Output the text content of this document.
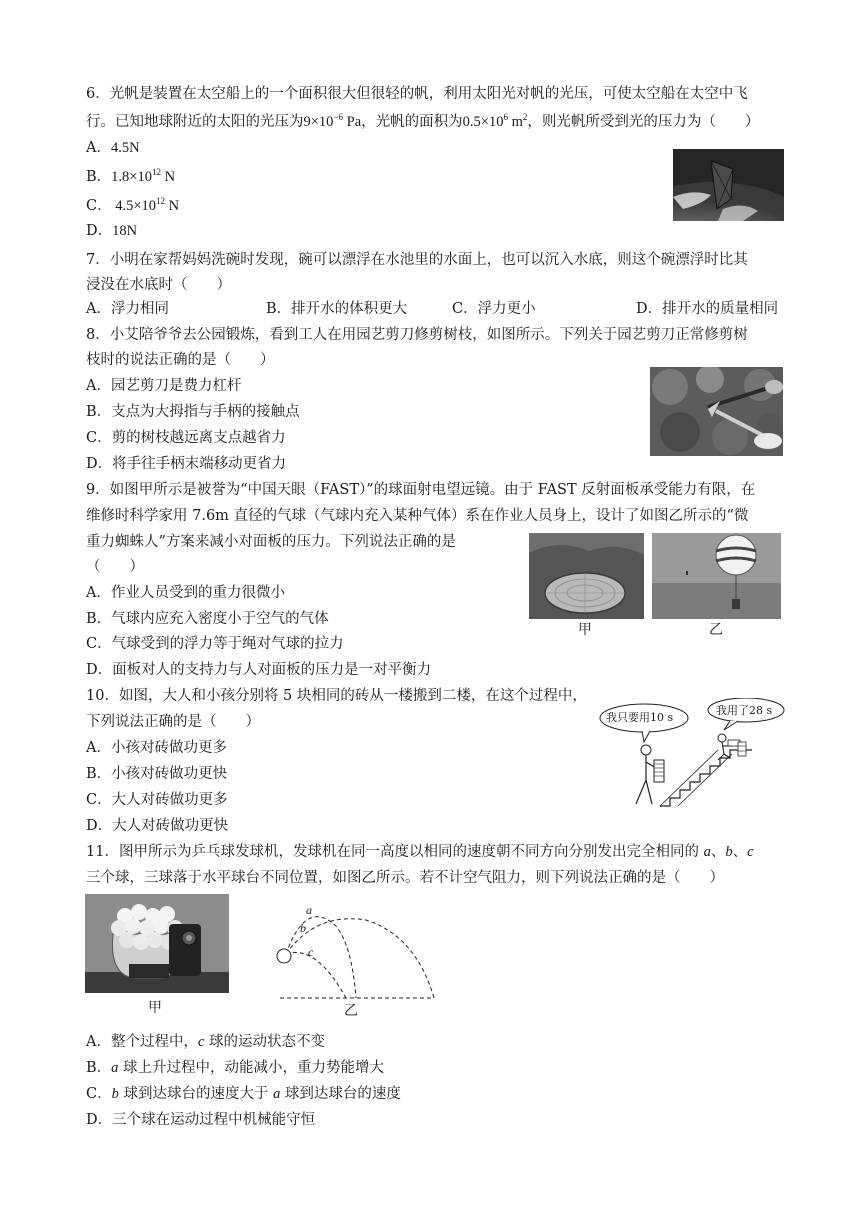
6．光帆是装置在太空船上的一个面积很大但很轻的帆，利用太阳光对帆的光压，可使太空船在太空中飞
行。已知地球附近的太阳的光压为$9\times 10^{-6}$ Pa，光帆的面积为$0.5\times 10^6$ $m^2$，则光帆所受到光的压力为（　　）
A．4.5N
B．$1.8\times 10^{12}$ N
C． $4.5\times 10^{12}$ N
D．18N
7．小明在家帮妈妈洗碗时发现，碗可以漂浮在水池里的水面上，也可以沉入水底，则这个碗漂浮时比其
浸没在水底时（　　）
A．浮力相同	B．排开水的体积更大	C．浮力更小	D．排开水的质量相同
8．小艾陪爷爷去公园锻炼，看到工人在用园艺剪刀修剪树枝，如图所示。下列关于园艺剪刀正常修剪树
枝时的说法正确的是（　　）
A．园艺剪刀是费力杠杆
B．支点为大拇指与手柄的接触点
C．剪的树枝越远离支点越省力
D．将手往手柄末端移动更省力
9．如图甲所示是被誉为“中国天眼（FAST）”的球面射电望远镜。由于 FAST 反射面板承受能力有限，在
维修时科学家用 7.6m 直径的气球（气球内充入某种气体）系在作业人员身上，设计了如图乙所示的“微
重力蜘蛛人”方案来减小对面板的压力。下列说法正确的是
（　　）
A．作业人员受到的重力很微小
B．气球内应充入密度小于空气的气体
C．气球受到的浮力等于绳对气球的拉力
D．面板对人的支持力与人对面板的压力是一对平衡力
甲	乙
10．如图，大人和小孩分别将 5 块相同的砖从一楼搬到二楼，在这个过程中，
下列说法正确的是（　　）
A．小孩对砖做功更多
B．小孩对砖做功更快
C．大人对砖做功更多
D．大人对砖做功更快
我只要用10 s
我用了28 s
11．图甲所示为乒乓球发球机，发球机在同一高度以相同的速度朝不同方向分别发出完全相同的 a、b、c
三个球，三球落于水平球台不同位置，如图乙所示。若不计空气阻力，则下列说法正确的是（　　）
甲
a
b
c
乙
A．整个过程中，c 球的运动状态不变
B．a 球上升过程中，动能减小，重力势能增大
C．b 球到达球台的速度大于 a 球到达球台的速度
D．三个球在运动过程中机械能守恒
